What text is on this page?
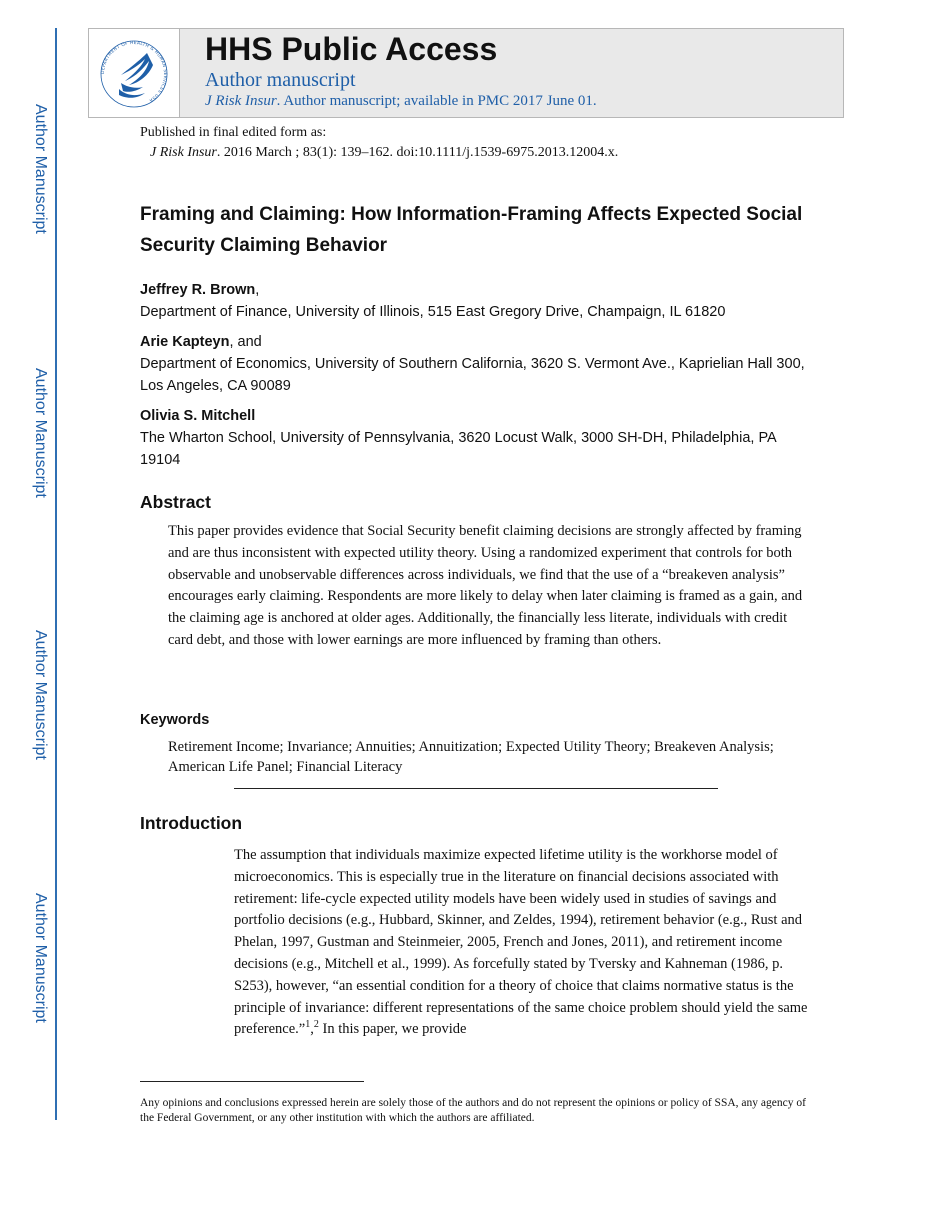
Author Manuscript
Author Manuscript
Author Manuscript
Author Manuscript
DEPARTMENT OF HEALTH & HUMAN SERVICES USA
HHS Public Access
Author manuscript
J Risk Insur. Author manuscript; available in PMC 2017 June 01.
Published in final edited form as:
J Risk Insur. 2016 March ; 83(1): 139–162. doi:10.1111/j.1539-6975.2013.12004.x.
Framing and Claiming: How Information-Framing Affects Expected Social Security Claiming Behavior
Jeffrey R. Brown,
Department of Finance, University of Illinois, 515 East Gregory Drive, Champaign, IL 61820
Arie Kapteyn, and
Department of Economics, University of Southern California, 3620 S. Vermont Ave., Kaprielian Hall 300, Los Angeles, CA 90089
Olivia S. Mitchell
The Wharton School, University of Pennsylvania, 3620 Locust Walk, 3000 SH-DH, Philadelphia, PA 19104
Abstract
This paper provides evidence that Social Security benefit claiming decisions are strongly affected by framing and are thus inconsistent with expected utility theory. Using a randomized experiment that controls for both observable and unobservable differences across individuals, we find that the use of a “breakeven analysis” encourages early claiming. Respondents are more likely to delay when later claiming is framed as a gain, and the claiming age is anchored at older ages. Additionally, the financially less literate, individuals with credit card debt, and those with lower earnings are more influenced by framing than others.
Keywords
Retirement Income; Invariance; Annuities; Annuitization; Expected Utility Theory; Breakeven Analysis; American Life Panel; Financial Literacy
Introduction
The assumption that individuals maximize expected lifetime utility is the workhorse model of microeconomics. This is especially true in the literature on financial decisions associated with retirement: life-cycle expected utility models have been widely used in studies of savings and portfolio decisions (e.g., Hubbard, Skinner, and Zeldes, 1994), retirement behavior (e.g., Rust and Phelan, 1997, Gustman and Steinmeier, 2005, French and Jones, 2011), and retirement income decisions (e.g., Mitchell et al., 1999). As forcefully stated by Tversky and Kahneman (1986, p. S253), however, “an essential condition for a theory of choice that claims normative status is the principle of invariance: different representations of the same choice problem should yield the same preference.”$^1$,$^2$ In this paper, we provide
Any opinions and conclusions expressed herein are solely those of the authors and do not represent the opinions or policy of SSA, any agency of the Federal Government, or any other institution with which the authors are affiliated.
